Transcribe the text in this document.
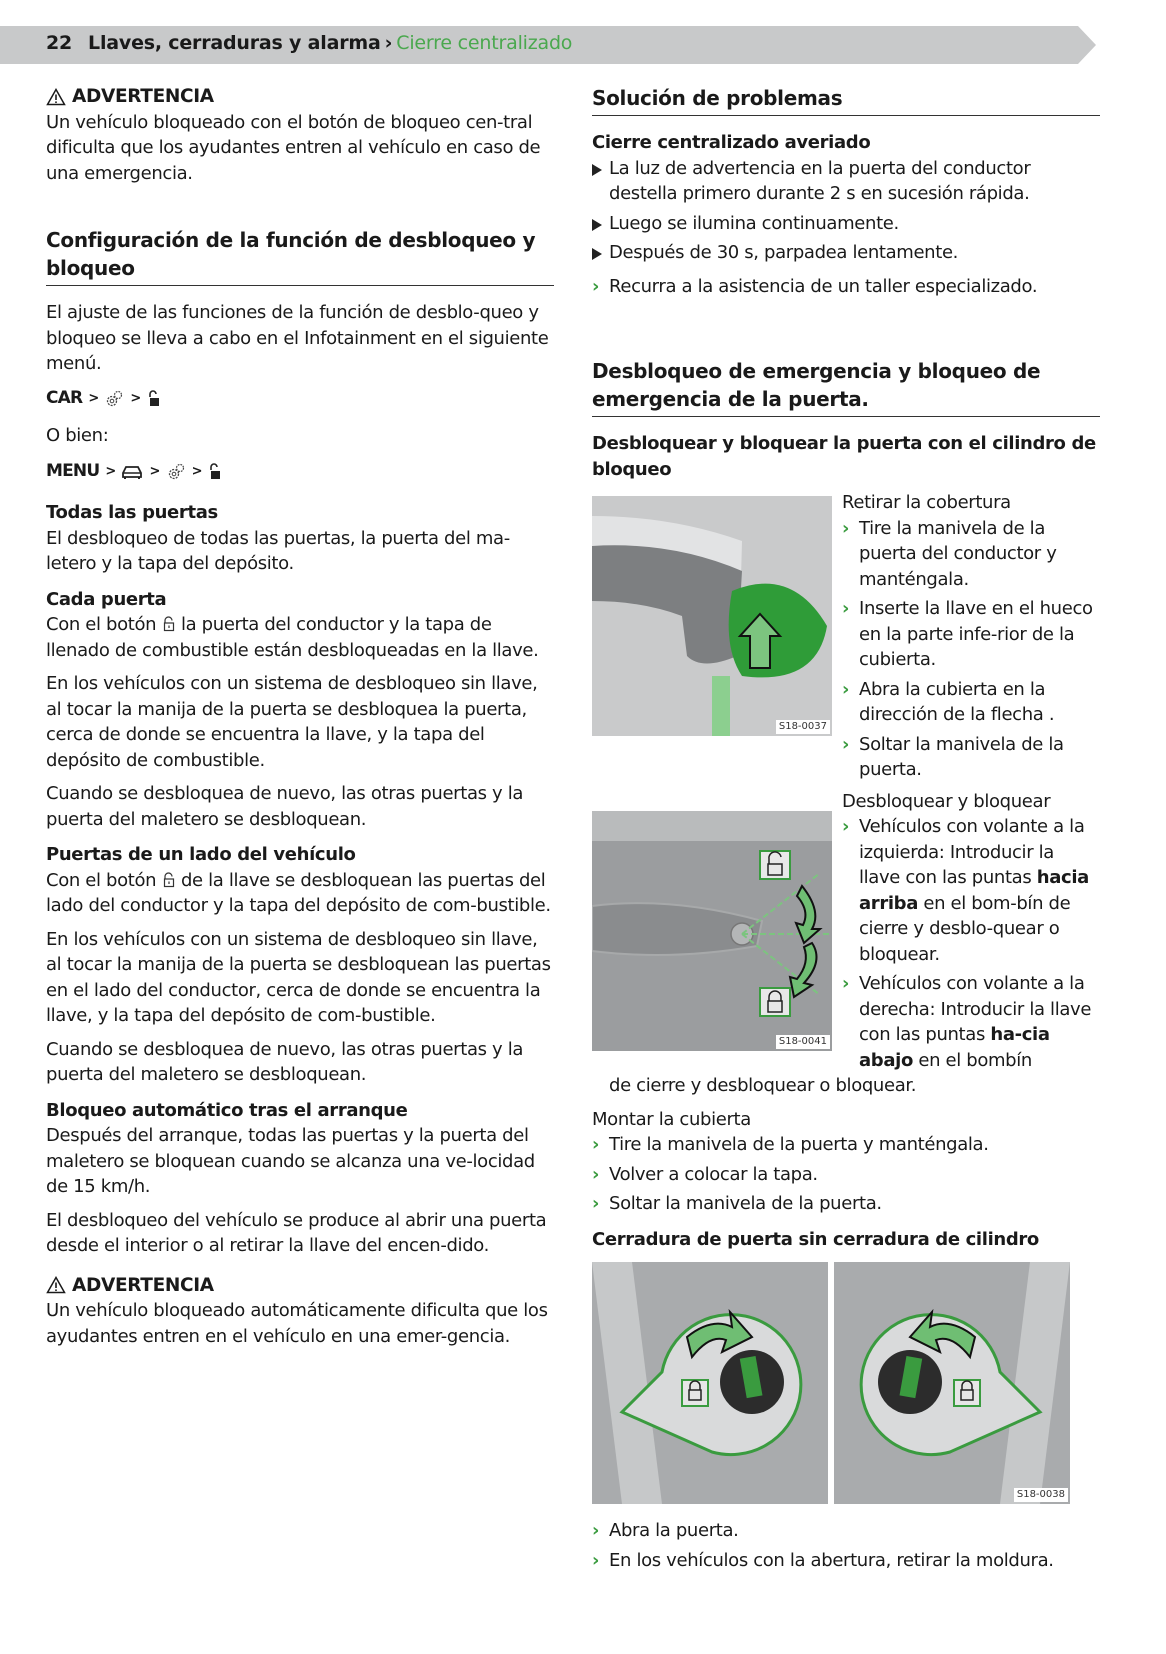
22 Llaves, cerraduras y alarma › Cierre centralizado
ADVERTENCIA

Un vehículo bloqueado con el botón de bloqueo cen-tral dificulta que los ayudantes entren al vehículo en caso de una emergencia.

Configuración de la función de desbloqueo y bloqueo

El ajuste de las funciones de la función de desblo-queo y bloqueo se lleva a cabo en el Infotainment en el siguiente menú.

CAR > >

O bien:

MENU >	> >
Todas las puertas

El desbloqueo de todas las puertas, la puerta del ma-letero y la tapa del depósito.

Cada puerta

Con el botón la puerta del conductor y la tapa de llenado de combustible están desbloqueadas en la llave.

En los vehículos con un sistema de desbloqueo sin llave, al tocar la manija de la puerta se desbloquea la puerta, cerca de donde se encuentra la llave, y la tapa del depósito de combustible.

Cuando se desbloquea de nuevo, las otras puertas y la puerta del maletero se desbloquean.

Puertas de un lado del vehículo

Con el botón de la llave se desbloquean las puertas del lado del conductor y la tapa del depósito de com-bustible.

En los vehículos con un sistema de desbloqueo sin llave, al tocar la manija de la puerta se desbloquean las puertas en el lado del conductor, cerca de donde se encuentra la llave, y la tapa del depósito de com-bustible.

Cuando se desbloquea de nuevo, las otras puertas y la puerta del maletero se desbloquean.

Bloqueo automático tras el arranque

Después del arranque, todas las puertas y la puerta del maletero se bloquean cuando se alcanza una ve-locidad de 15 km/h.

El desbloqueo del vehículo se produce al abrir una puerta desde el interior o al retirar la llave del encen-dido.

ADVERTENCIA

Un vehículo bloqueado automáticamente dificulta que los ayudantes entren en el vehículo en una emer-gencia.

Solución de problemas
Cierre centralizado averiado
La luz de advertencia en la puerta del conductor destella primero durante 2 s en sucesión rápida.
Luego se ilumina continuamente.
Después de 30 s, parpadea lentamente.
› Recurra a la asistencia de un taller especializado.
Desbloqueo de emergencia y bloqueo de emergencia de la puerta.
Desbloquear y bloquear la puerta con el cilindro de bloqueo
S18-0037

Retirar la cobertura

› Tire la manivela de la puerta del conductor y manténgala.
› Inserte la llave en el hueco en la parte infe-rior de la cubierta.
› Abra la cubierta en la dirección de la flecha .
› Soltar la manivela de la puerta.
S18-0041

Desbloquear y bloquear

› Vehículos con volante a la izquierda: Introducir la llave con las puntas hacia arriba en el bom-bín de cierre y desblo-quear o bloquear.
› Vehículos con volante a la derecha: Introducir la llave con las puntas ha-cia abajo en el bombín

de cierre y desbloquear o bloquear.

Montar la cubierta

› Tire la manivela de la puerta y manténgala.
› Volver a colocar la tapa.
› Soltar la manivela de la puerta.
Cerradura de puerta sin cerradura de cilindro
S18-0038
› Abra la puerta.
› En los vehículos con la abertura, retirar la moldura.
